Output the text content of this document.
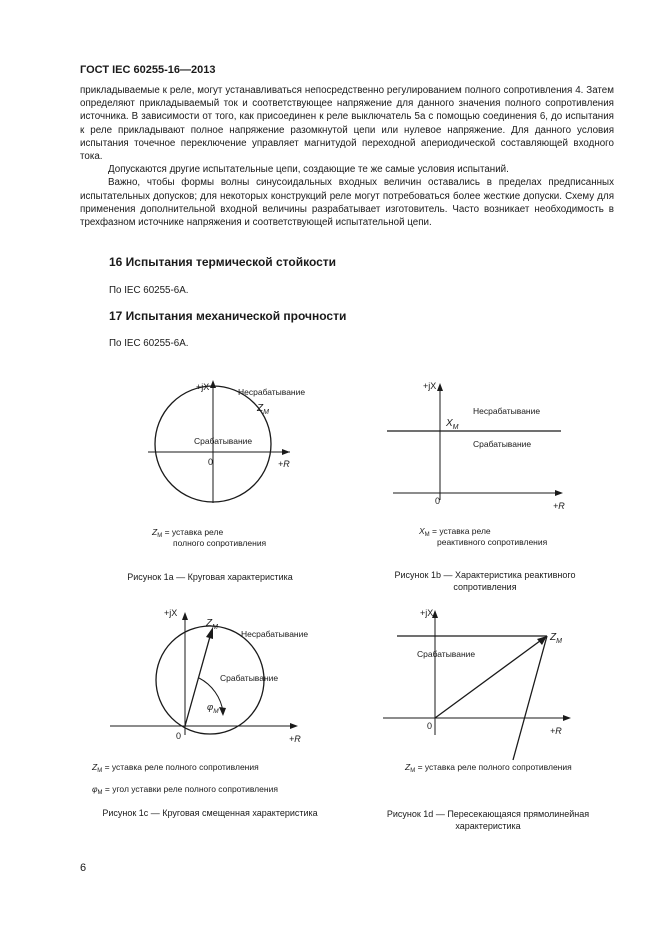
ГОСТ IEC 60255-16—2013

прикладываемые к реле, могут устанавливаться непосредственно регулированием полного сопротивления 4. Затем определяют прикладываемый ток и соответствующее напряжение для данного значения полного сопротивления источника. В зависимости от того, как присоединен к реле выключатель 5а с помощью соединения 6, до испытания к реле прикладывают полное напряжение разомкнутой цепи или нулевое напряжение. Для данного условия испытания точечное переключение управляет магнитудой переходной апериодической составляющей входного тока.

Допускаются другие испытательные цепи, создающие те же самые условия испытаний.

Важно, чтобы формы волны синусоидальных входных величин оставались в пределах предписанных испытательных допусков; для некоторых конструкций реле могут потребоваться более жесткие допуски. Схему для применения дополнительной входной величины разрабатывает изготовитель. Часто возникает необходимость в трехфазном источнике напряжения и соответствующей испытательной цепи.

16 Испытания термической стойкости
По IEC 60255-6А.
17 Испытания механической прочности
По IEC 60255-6А.
+jX
+R
0
Несрабатывание
Срабатывание
$Z_M$
$Z_M$ = уставка реле
полного сопротивления
Рисунок 1a — Круговая характеристика
+jX
+R
0
Несрабатывание
Срабатывание
$X_M$
$X_M$ = уставка реле
реактивного сопротивления
Рисунок 1b — Характеристика реактивного
сопротивления
+jX
+R
0
Несрабатывание
Срабатывание
$Z_M$
$\varphi_M$
$Z_M$ = уставка реле полного сопротивления
$\varphi_M$ = угол уставки реле полного сопротивления
Рисунок 1c — Круговая смещенная характеристика
+jX
+R
0
Срабатывание
$Z_M$
$Z_M$ = уставка реле полного сопротивления
Рисунок 1d — Пересекающаяся прямолинейная
характеристика
6
